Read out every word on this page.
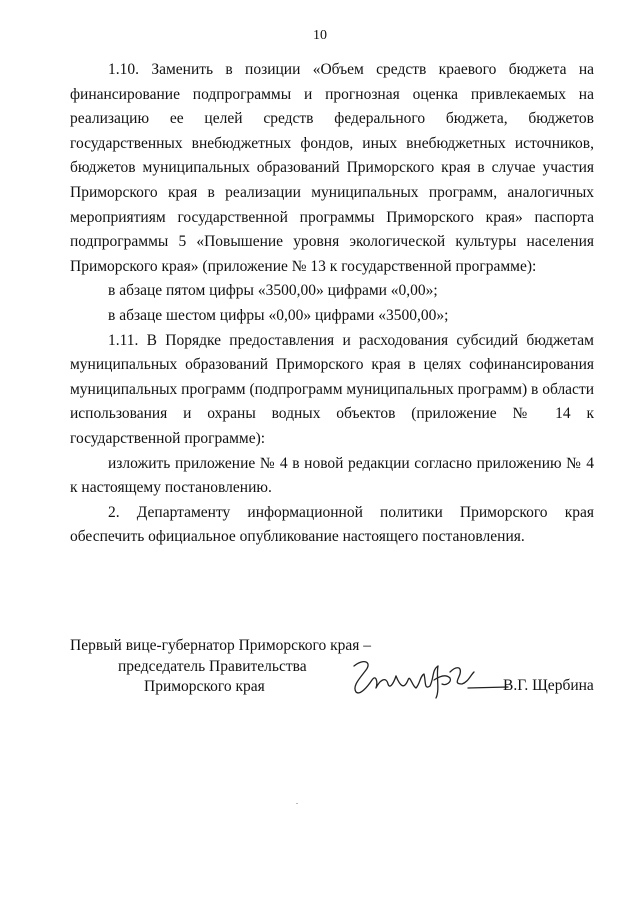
10

1.10. Заменить в позиции «Объем средств краевого бюджета на финансирование подпрограммы и прогнозная оценка привлекаемых на реализацию ее целей средств федерального бюджета, бюджетов государственных внебюджетных фондов, иных внебюджетных источников, бюджетов муниципальных образований Приморского края в случае участия Приморского края в реализации муниципальных программ, аналогичных мероприятиям государственной программы Приморского края» паспорта подпрограммы 5 «Повышение уровня экологической культуры населения Приморского края» (приложение № 13 к государственной программе):

в абзаце пятом цифры «3500,00» цифрами «0,00»;

в абзаце шестом цифры «0,00» цифрами «3500,00»;

1.11. В Порядке предоставления и расходования субсидий бюджетам муниципальных образований Приморского края в целях софинансирования муниципальных программ (подпрограмм муниципальных программ) в области использования и охраны водных объектов (приложение № 14 к государственной программе):

изложить приложение № 4 в новой редакции согласно приложению № 4 к настоящему постановлению.

2. Департаменту информационной политики Приморского края обеспечить официальное опубликование настоящего постановления.

Первый вице-губернатор Приморского края –
председатель Правительства
Приморского края	В.Г. Щербина
